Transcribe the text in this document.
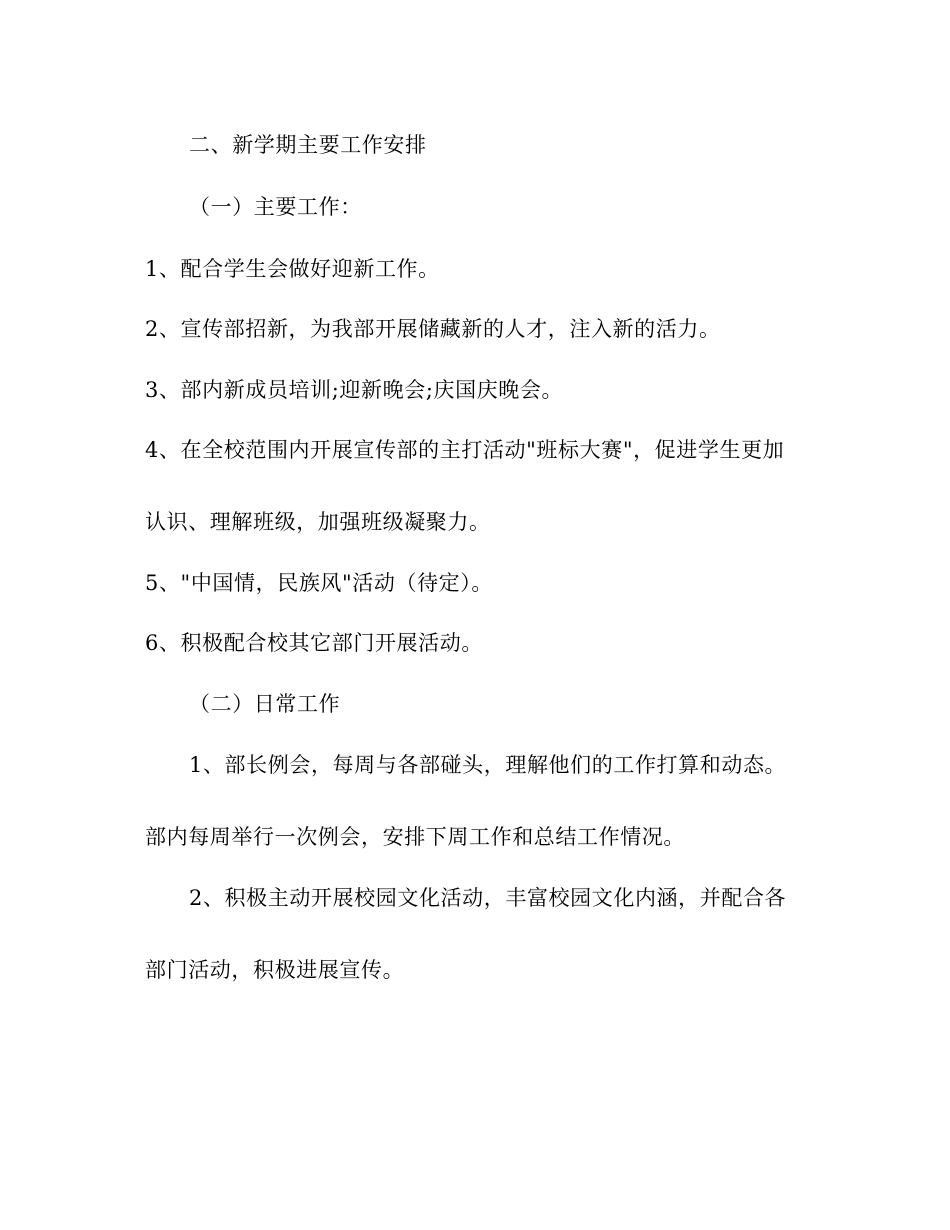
二、新学期主要工作安排
（一）主要工作：
1、配合学生会做好迎新工作。
2、宣传部招新，为我部开展储藏新的人才，注入新的活力。
3、部内新成员培训;迎新晚会;庆国庆晚会。
4、在全校范围内开展宣传部的主打活动"班标大赛"，促进学生更加
认识、理解班级，加强班级凝聚力。
5、"中国情，民族风"活动（待定）。
6、积极配合校其它部门开展活动。
（二）日常工作
1、部长例会，每周与各部碰头，理解他们的工作打算和动态。
部内每周举行一次例会，安排下周工作和总结工作情况。
2、积极主动开展校园文化活动，丰富校园文化内涵，并配合各
部门活动，积极进展宣传。
